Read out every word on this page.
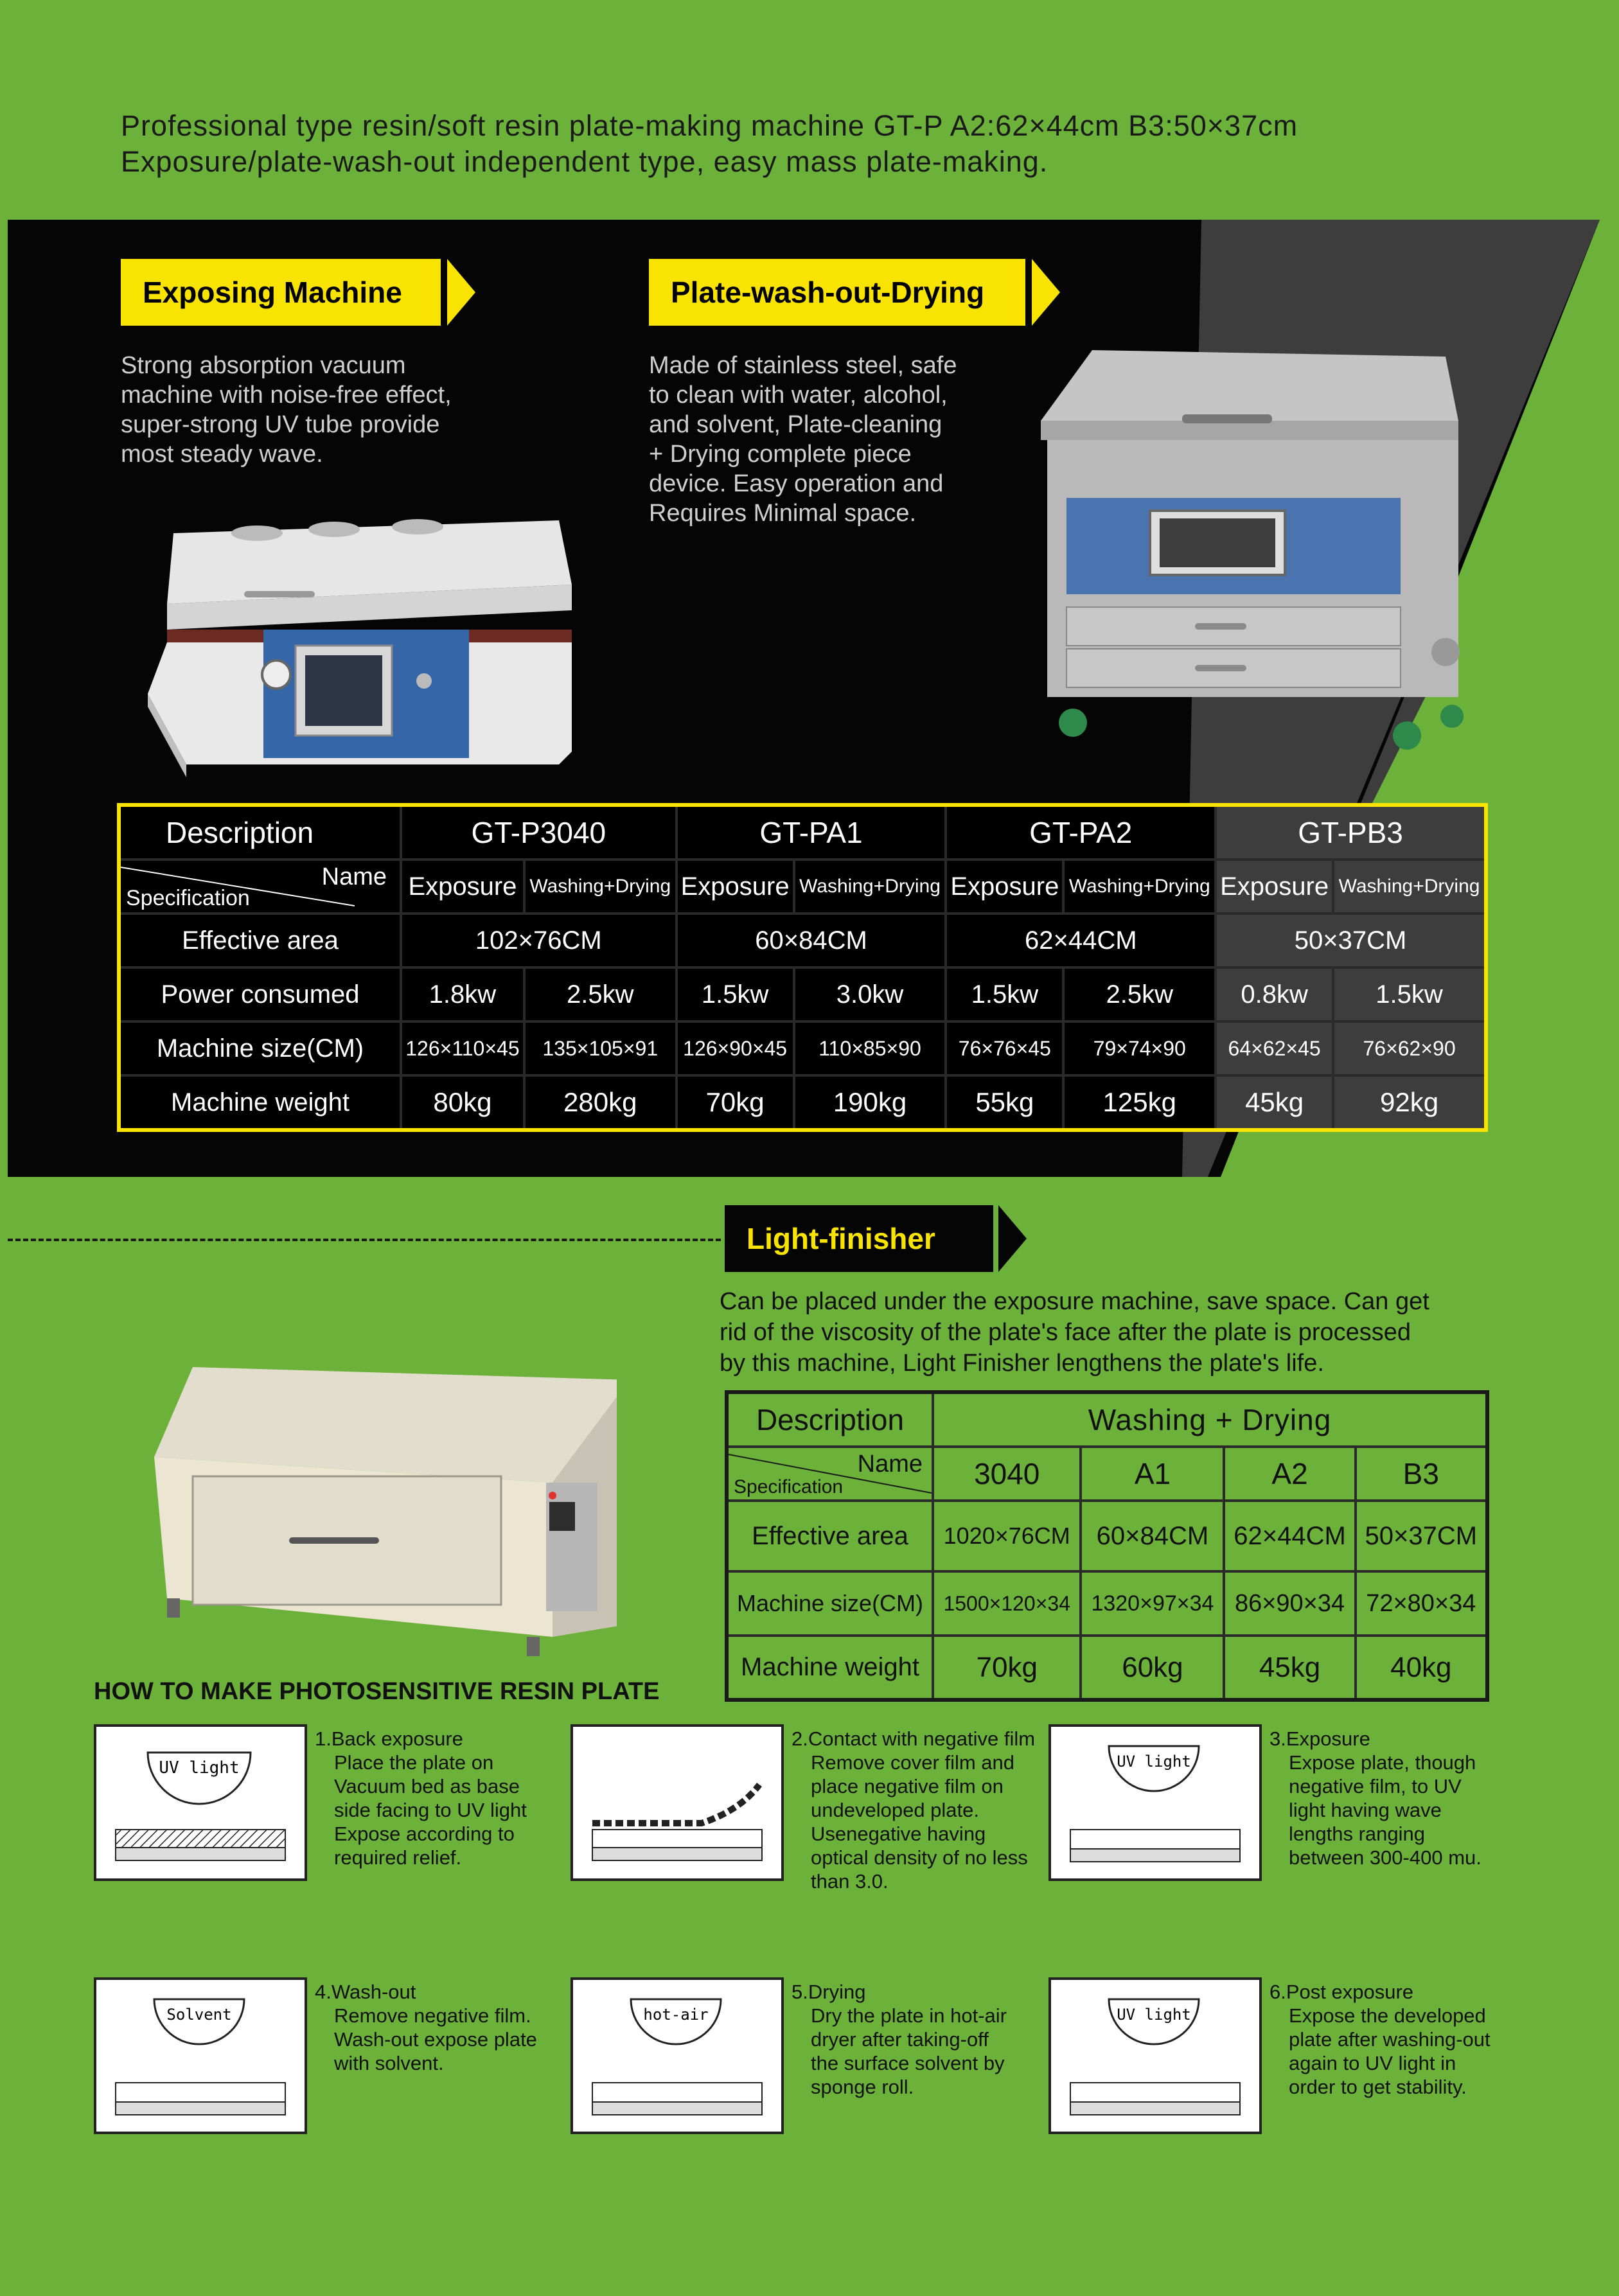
Professional type resin/soft resin plate-making machine GT-P A2:62×44cm B3:50×37cm
Exposure/plate-wash-out independent type, easy mass plate-making.
Exposing Machine
Strong absorption vacuum
machine with noise-free effect,
super-strong UV tube provide
most steady wave.
Plate-wash-out-Drying
Made of stainless steel, safe
to clean with water, alcohol,
and solvent, Plate-cleaning
+ Drying complete piece
device. Easy operation and
Requires Minimal space.
Description	GT-P3040		GT-PA1		GT-PA2		GT-PB3	

Name
Specification	Exposure	Washing+Drying	Exposure	Washing+Drying	Exposure	Washing+Drying	Exposure	Washing+Drying
Effective area	102×76CM		60×84CM		62×44CM		50×37CM	
Power consumed	1.8kw	2.5kw	1.5kw	3.0kw	1.5kw	2.5kw	0.8kw	1.5kw
Machine size(CM)	126×110×45	135×105×91	126×90×45	110×85×90	76×76×45	79×74×90	64×62×45	76×62×90
Machine weight	80kg	280kg	70kg	190kg	55kg	125kg	45kg	92kg
Light-finisher
Can be placed under the exposure machine, save space. Can get
rid of the viscosity of the plate's face after the plate is processed
by this machine, Light Finisher lengthens the plate's life.
Description	Washing + Drying			

Name
Specification	3040	A1	A2	B3
Effective area	1020×76CM	60×84CM	62×44CM	50×37CM
Machine size(CM)	1500×120×34	1320×97×34	86×90×34	72×80×34
Machine weight	70kg	60kg	45kg	40kg
HOW TO MAKE PHOTOSENSITIVE RESIN PLATE
UV light
1.Back exposure
Place the plate on
Vacuum bed as base
side facing to UV light
Expose according to
required relief.
2.Contact with negative film
Remove cover film and
place negative film on
undeveloped plate.
Usenegative having
optical density of no less
than 3.0.
UV light
3.Exposure
Expose plate, though
negative film, to UV
light having wave
lengths ranging
between 300-400 mu.
Solvent
4.Wash-out
Remove negative film.
Wash-out expose plate
with solvent.
hot-air
5.Drying
Dry the plate in hot-air
dryer after taking-off
the surface solvent by
sponge roll.
UV light
6.Post exposure
Expose the developed
plate after washing-out
again to UV light in
order to get stability.
